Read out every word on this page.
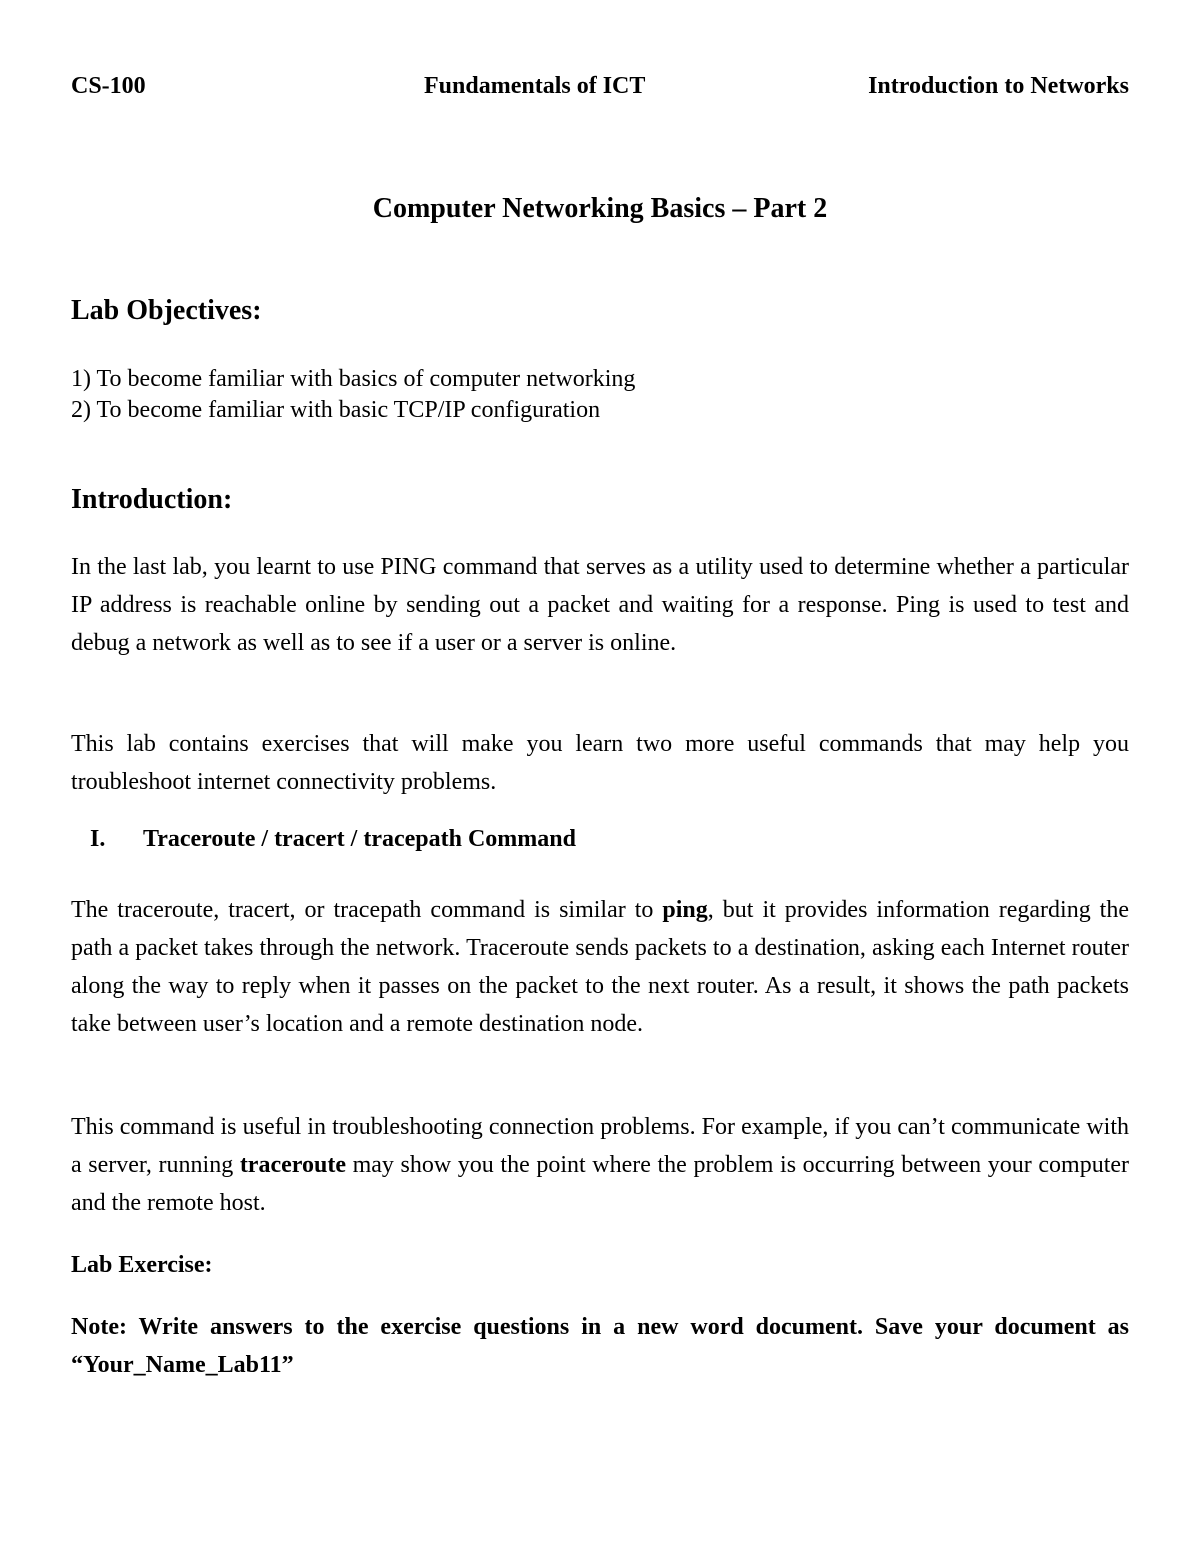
CS-100	Fundamentals of ICT	Introduction to Networks
Computer Networking Basics – Part 2
Lab Objectives:
1) To become familiar with basics of computer networking
2) To become familiar with basic TCP/IP configuration
Introduction:
In the last lab, you learnt to use PING command that serves as a utility used to determine whether a particular IP address is reachable online by sending out a packet and waiting for a response. Ping is used to test and debug a network as well as to see if a user or a server is online.
This lab contains exercises that will make you learn two more useful commands that may help you troubleshoot internet connectivity problems.
I. Traceroute / tracert / tracepath Command
The traceroute, tracert, or tracepath command is similar to ping, but it provides information regarding the path a packet takes through the network. Traceroute sends packets to a destination, asking each Internet router along the way to reply when it passes on the packet to the next router. As a result, it shows the path packets take between user’s location and a remote destination node.
This command is useful in troubleshooting connection problems. For example, if you can’t communicate with a server, running traceroute may show you the point where the problem is occurring between your computer and the remote host.
Lab Exercise:
Note: Write answers to the exercise questions in a new word document. Save your document as “Your_Name_Lab11”
